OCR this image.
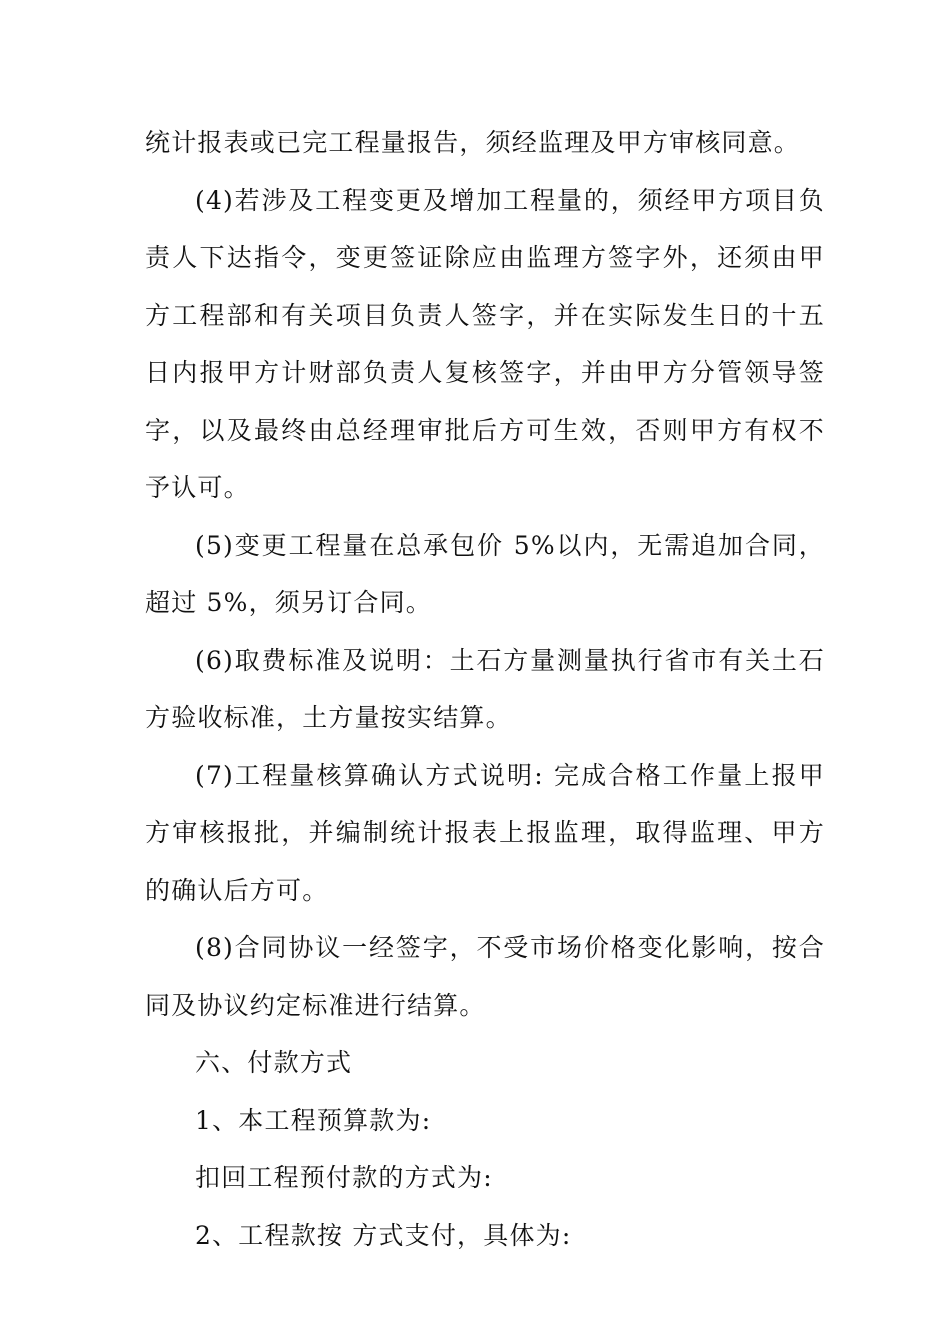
统计报表或已完工程量报告，须经监理及甲方审核同意。

(4)若涉及工程变更及增加工程量的，须经甲方项目负责人下达指令，变更签证除应由监理方签字外，还须由甲方工程部和有关项目负责人签字，并在实际发生日的十五日内报甲方计财部负责人复核签字，并由甲方分管领导签字，以及最终由总经理审批后方可生效，否则甲方有权不予认可。

(5)变更工程量在总承包价 5%以内，无需追加合同，超过 5%，须另订合同。

(6)取费标准及说明：土石方量测量执行省市有关土石方验收标准，土方量按实结算。

(7)工程量核算确认方式说明: 完成合格工作量上报甲方审核报批，并编制统计报表上报监理，取得监理、甲方的确认后方可。

(8)合同协议一经签字，不受市场价格变化影响，按合同及协议约定标准进行结算。

六、付款方式

1、本工程预算款为:

扣回工程预付款的方式为:

2、工程款按 方式支付，具体为:
